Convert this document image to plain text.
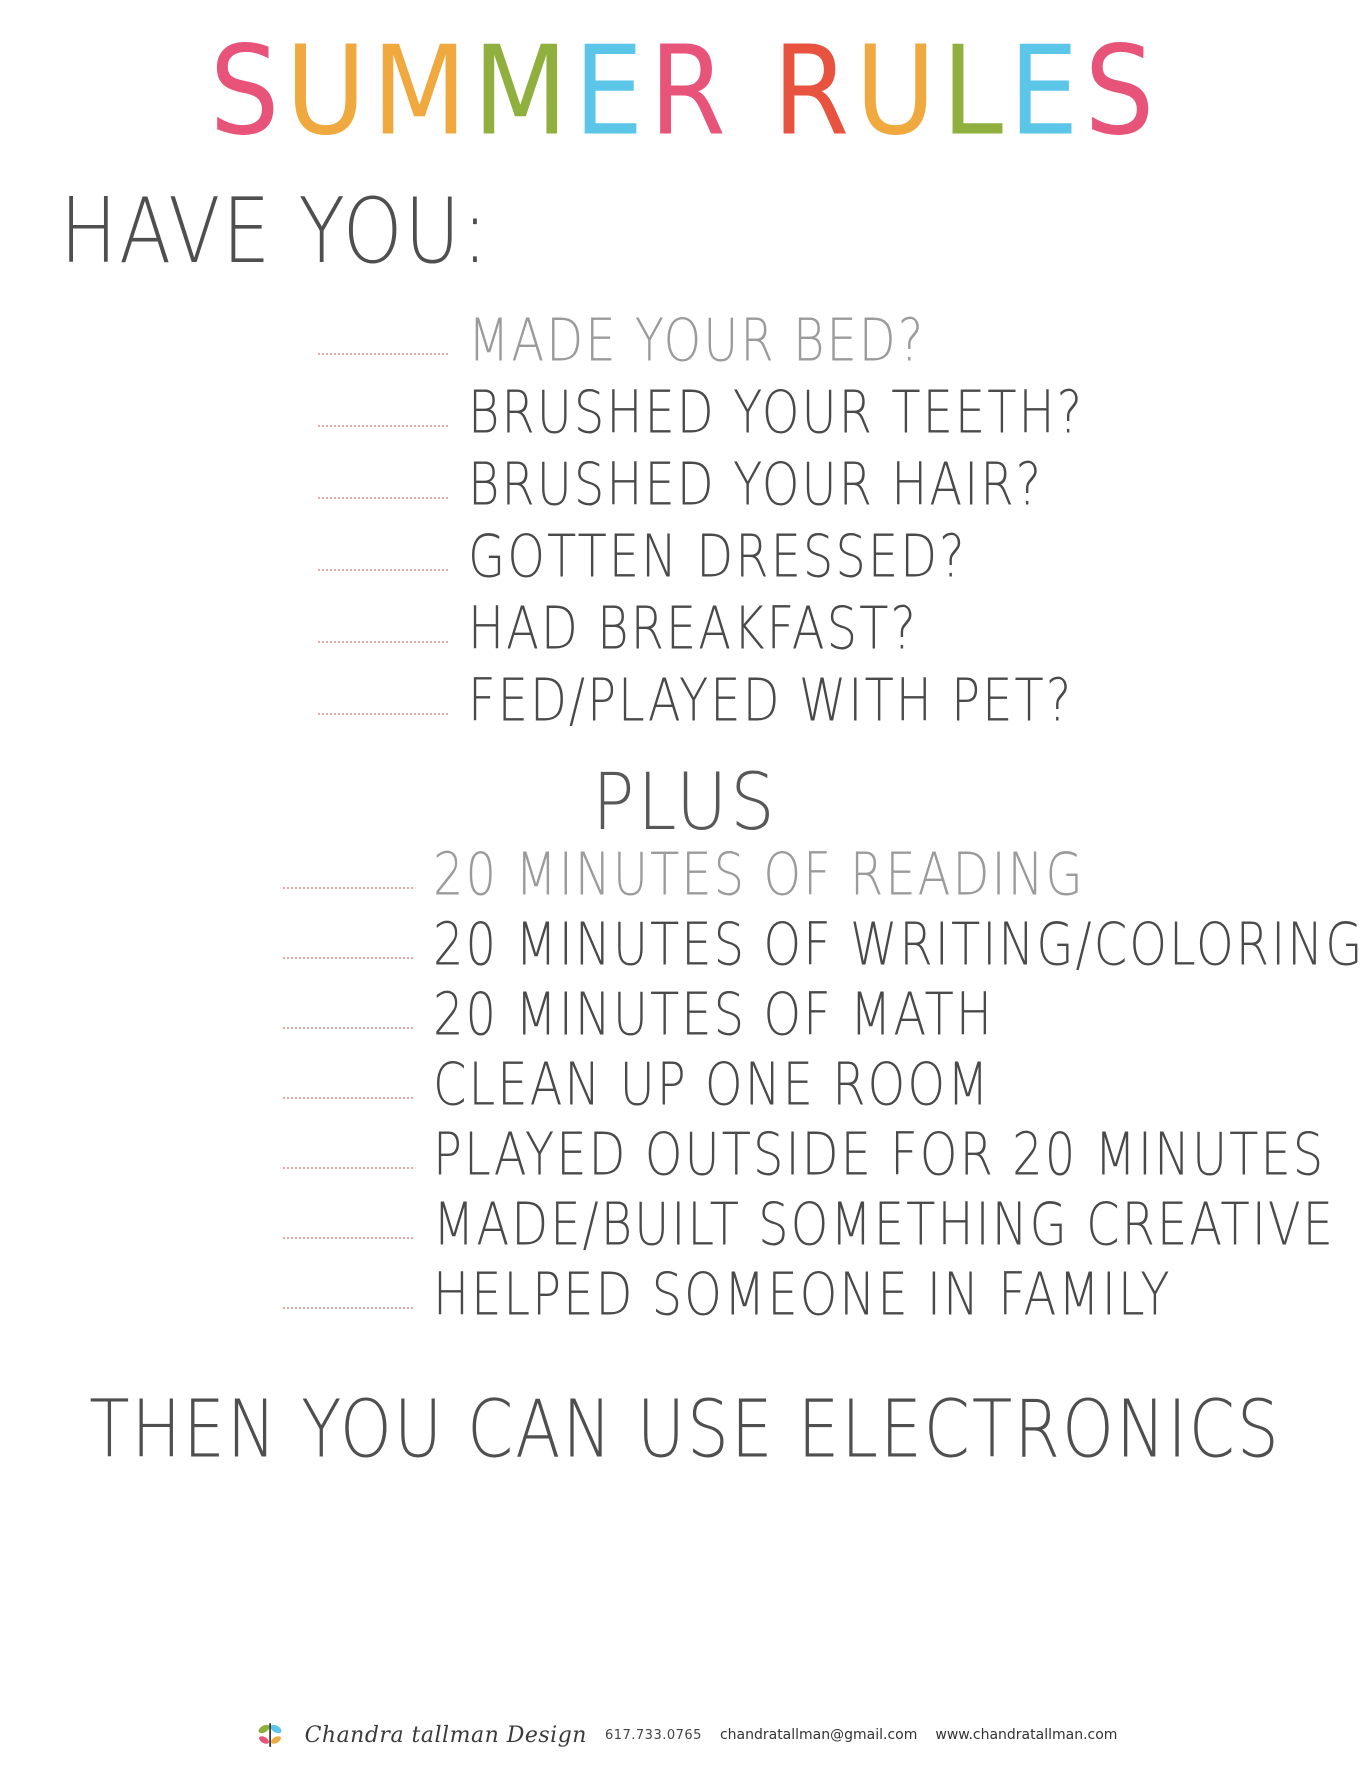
SUMMER RULES
HAVE YOU:
MADE YOUR BED?
BRUSHED YOUR TEETH?
BRUSHED YOUR HAIR?
GOTTEN DRESSED?
HAD BREAKFAST?
FED/PLAYED WITH PET?
PLUS
20 MINUTES OF READING
20 MINUTES OF WRITING/COLORING
20 MINUTES OF MATH
CLEAN UP ONE ROOM
PLAYED OUTSIDE FOR 20 MINUTES
MADE/BUILT SOMETHING CREATIVE
HELPED SOMEONE IN FAMILY
THEN YOU CAN USE ELECTRONICS
Chandra tallman Design 617.733.0765 chandratallman@gmail.com www.chandratallman.com
